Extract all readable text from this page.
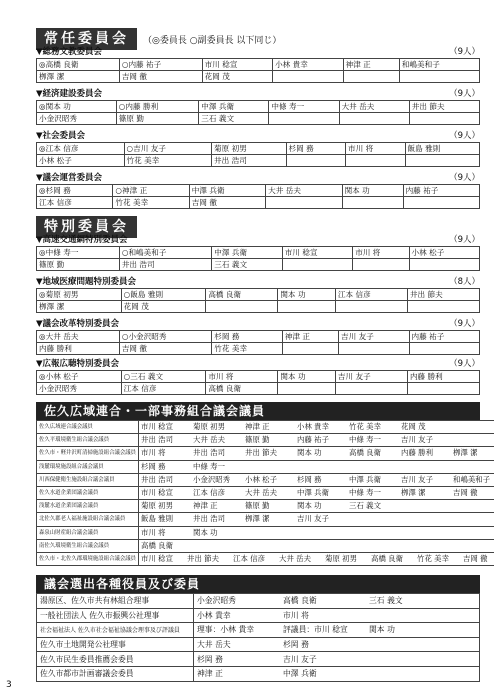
常任委員会	（◎委員長 ○副委員長 以下同じ）
▼総務文教委員会	（9人）
◎高橋 良衛	○内藤 祐子	市川 稔宣	小林 貴幸	神津 正	和嶋美和子
栁澤 潔	吉岡 徹	花岡 茂			
▼経済建設委員会	（9人）
◎関本 功	○内藤 勝利	中澤 兵衛	中條 寿一	大井 岳夫	井出 節夫
小金沢昭秀	篠原 勤	三石 義文			
▼社会委員会	（9人）
◎江本 信彦	○吉川 友子	菊原 初男	杉岡 務	市川 将	飯島 雅則
小林 松子	竹花 美幸	井出 浩司			
▼議会運営委員会	（9人）
◎杉岡 務	○神津 正	中澤 兵衛	大井 岳夫	関本 功	内藤 祐子
江本 信彦	竹花 美幸	吉岡 徹			
特別委員会
▼高速交通網特別委員会	（9人）
◎中條 寿一	○和嶋美和子	中澤 兵衛	市川 稔宣	市川 将	小林 松子
篠原 勤	井出 浩司	三石 義文			
▼地域医療問題特別委員会	（8人）
◎菊原 初男	○飯島 雅則	高橋 良衛	関本 功	江本 信彦	井出 節夫
栁澤 潔	花岡 茂				
▼議会改革特別委員会	（9人）
◎大井 岳夫	○小金沢昭秀	杉岡 務	神津 正	吉川 友子	内藤 祐子
内藤 勝利	吉岡 徹	竹花 美幸			
▼広報広聴特別委員会	（9人）
◎小林 松子	○三石 義文	市川 将	関本 功	吉川 友子	内藤 勝利
小金沢昭秀	江本 信彦	高橋 良衛			
佐久広域連合・一部事務組合議会議員
佐久広域連合議会議員	市川 稔宣 菊原 初男 神津 正 小林 貴幸 竹花 美幸 花岡 茂
佐久平環境衛生組合議会議員	井出 浩司 大井 岳夫 篠原 勤 内藤 祐子 中條 寿一 吉川 友子
佐久市・軽井沢町清掃施設組合議会議員	市川 将 井出 浩司 井出 節夫 関本 功 高橋 良衛 内藤 勝利 栁澤 潔
浅麓環境施設組合議会議員	杉岡 務 中條 寿一
川西保健衛生施設組合議会議員	井出 浩司 小金沢昭秀 小林 松子 杉岡 務 中澤 兵衛 吉川 友子 和嶋美和子
佐久水道企業団議会議員	市川 稔宣 江本 信彦 大井 岳夫 中澤 兵衛 中條 寿一 栁澤 潔 吉岡 徹
浅麓水道企業団議会議員	菊原 初男 神津 正 篠原 勤 関本 功 三石 義文
北佐久郡老人福祉施設組合議会議員	飯島 雅則 井出 浩司 栁澤 潔 吉川 友子
森泉山財産組合議会議員	市川 将 関本 功
南佐久環境衛生組合議会議員	高橋 良衛
佐久市・北佐久郡環境施設組合議会議員	市川 稔宣 井出 節夫 江本 信彦 大井 岳夫 菊原 初男 高橋 良衛 竹花 美幸 吉岡 徹
議会選出各種役員及び委員
湯原区、佐久市共有林組合理事	小金沢昭秀 高橋 良衛 三石 義文
一般社団法人 佐久市振興公社理事	小林 貴幸 市川 将
社会福祉法人 佐久市社会福祉協議会理事及び評議員	理事：小林 貴幸 評議員：市川 稔宣 関本 功
佐久市土地開発公社理事	大井 岳夫 杉岡 務
佐久市民生委員推薦会委員	杉岡 務 吉川 友子
佐久市都市計画審議会委員	神津 正 中澤 兵衛
3
